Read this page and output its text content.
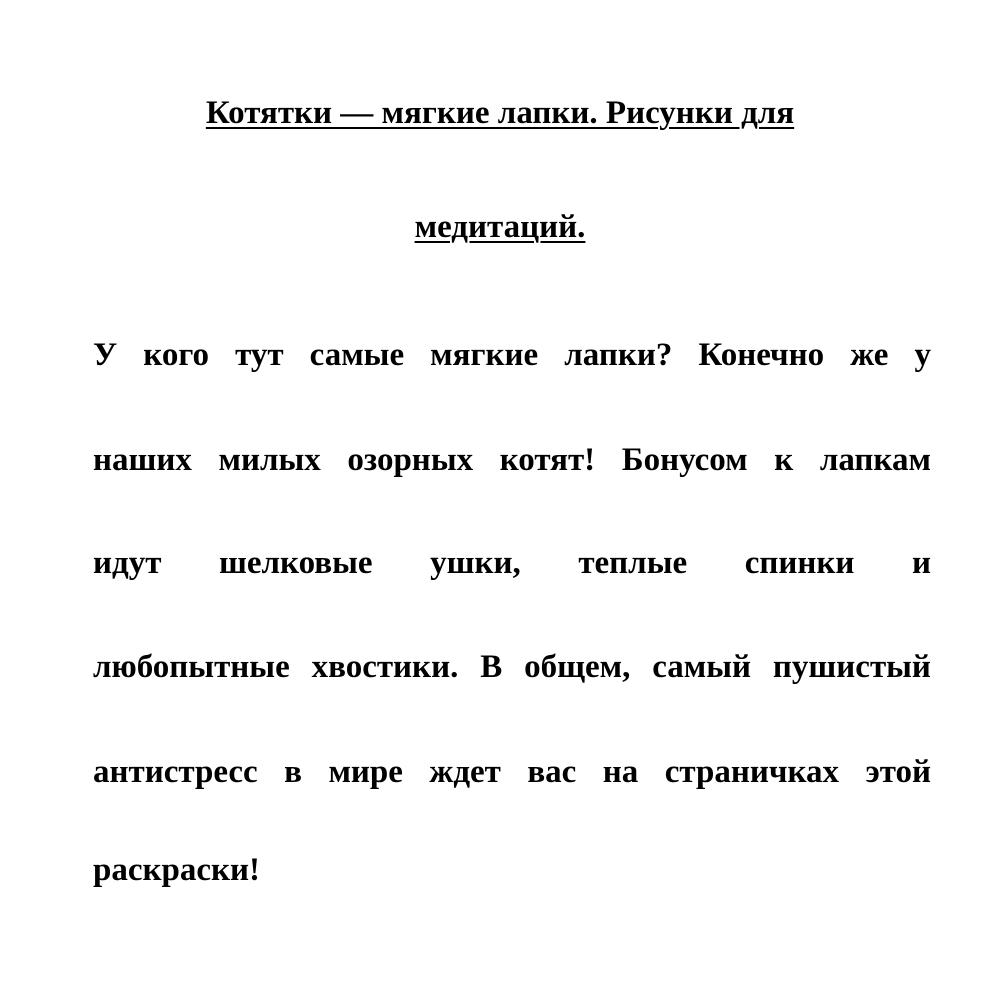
Котятки — мягкие лапки. Рисунки для
медитаций.

У кого тут самые мягкие лапки? Конечно же у

наших милых озорных котят! Бонусом к лапкам

идут шелковые ушки, теплые спинки и

любопытные хвостики. В общем, самый пушистый

антистресс в мире ждет вас на страничках этой

раскраски!
